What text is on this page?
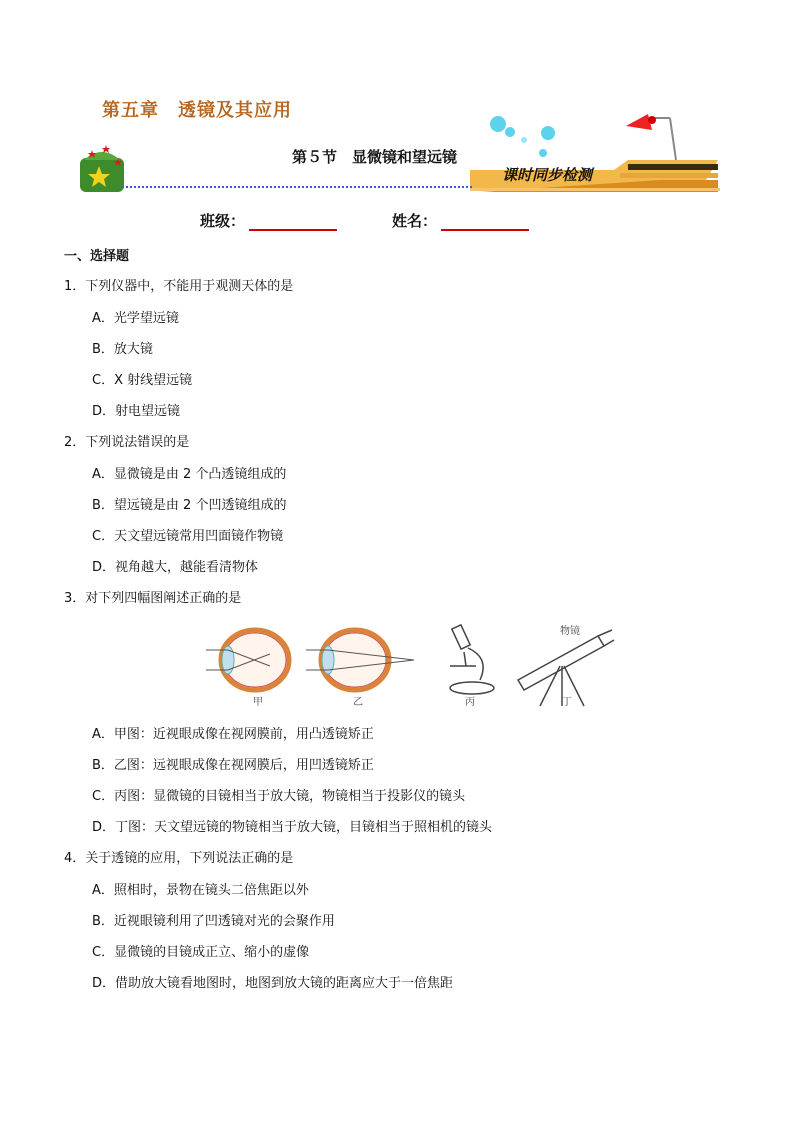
第五章　透镜及其应用
第５节　显微镜和望远镜
课时同步检测
班级：	姓名：
一、选择题
1．下列仪器中，不能用于观测天体的是
A．光学望远镜
B．放大镜
C．X 射线望远镜
D．射电望远镜
2．下列说法错误的是
A．显微镜是由 2 个凸透镜组成的
B．望远镜是由 2 个凹透镜组成的
C．天文望远镜常用凹面镜作物镜
D．视角越大，越能看清物体
3．对下列四幅图阐述正确的是
甲	乙	丙	丁
物镜
A．甲图：近视眼成像在视网膜前，用凸透镜矫正
B．乙图：远视眼成像在视网膜后，用凹透镜矫正
C．丙图：显微镜的目镜相当于放大镜，物镜相当于投影仪的镜头
D．丁图：天文望远镜的物镜相当于放大镜，目镜相当于照相机的镜头
4．关于透镜的应用，下列说法正确的是
A．照相时，景物在镜头二倍焦距以外
B．近视眼镜利用了凹透镜对光的会聚作用
C．显微镜的目镜成正立、缩小的虚像
D．借助放大镜看地图时，地图到放大镜的距离应大于一倍焦距
